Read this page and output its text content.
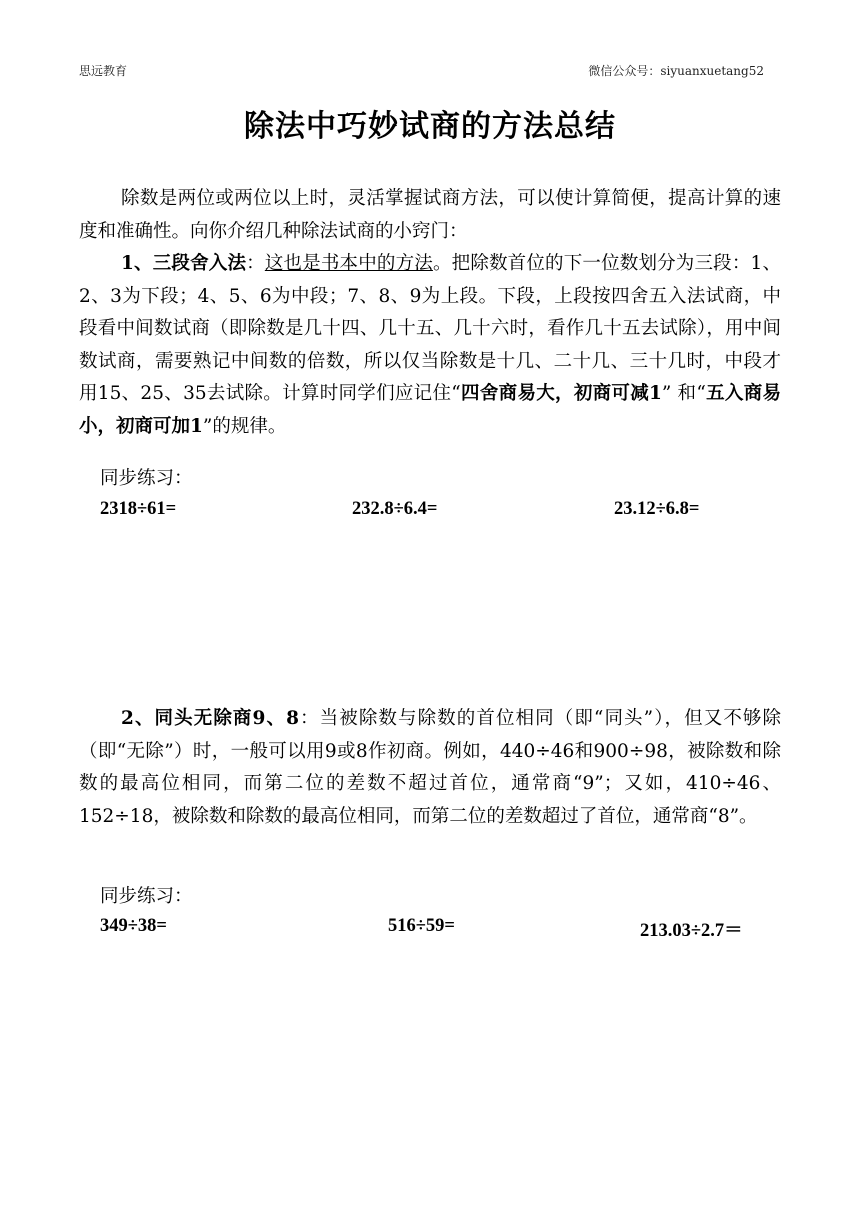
思远教育	微信公众号：siyuanxuetang52
除法中巧妙试商的方法总结
除数是两位或两位以上时，灵活掌握试商方法，可以使计算简便，提高计算的速度和准确性。向你介绍几种除法试商的小窍门：
1、三段舍入法：这也是书本中的方法。把除数首位的下一位数划分为三段：1、2、3为下段；4、5、6为中段；7、8、9为上段。下段，上段按四舍五入法试商，中段看中间数试商（即除数是几十四、几十五、几十六时，看作几十五去试除），用中间数试商，需要熟记中间数的倍数，所以仅当除数是十几、二十几、三十几时，中段才用15、25、35去试除。计算时同学们应记住“四舍商易大，初商可减1” 和“五入商易小，初商可加1”的规律。
同步练习：
2318÷61=	232.8÷6.4=	23.12÷6.8=
2、同头无除商9、8：当被除数与除数的首位相同（即“同头”），但又不够除（即“无除”）时，一般可以用9或8作初商。例如，440÷46和900÷98，被除数和除数的最高位相同，而第二位的差数不超过首位，通常商“9”；又如，410÷46、152÷18，被除数和除数的最高位相同，而第二位的差数超过了首位，通常商“8”。
同步练习：
349÷38=	516÷59=	213.03÷2.7＝
